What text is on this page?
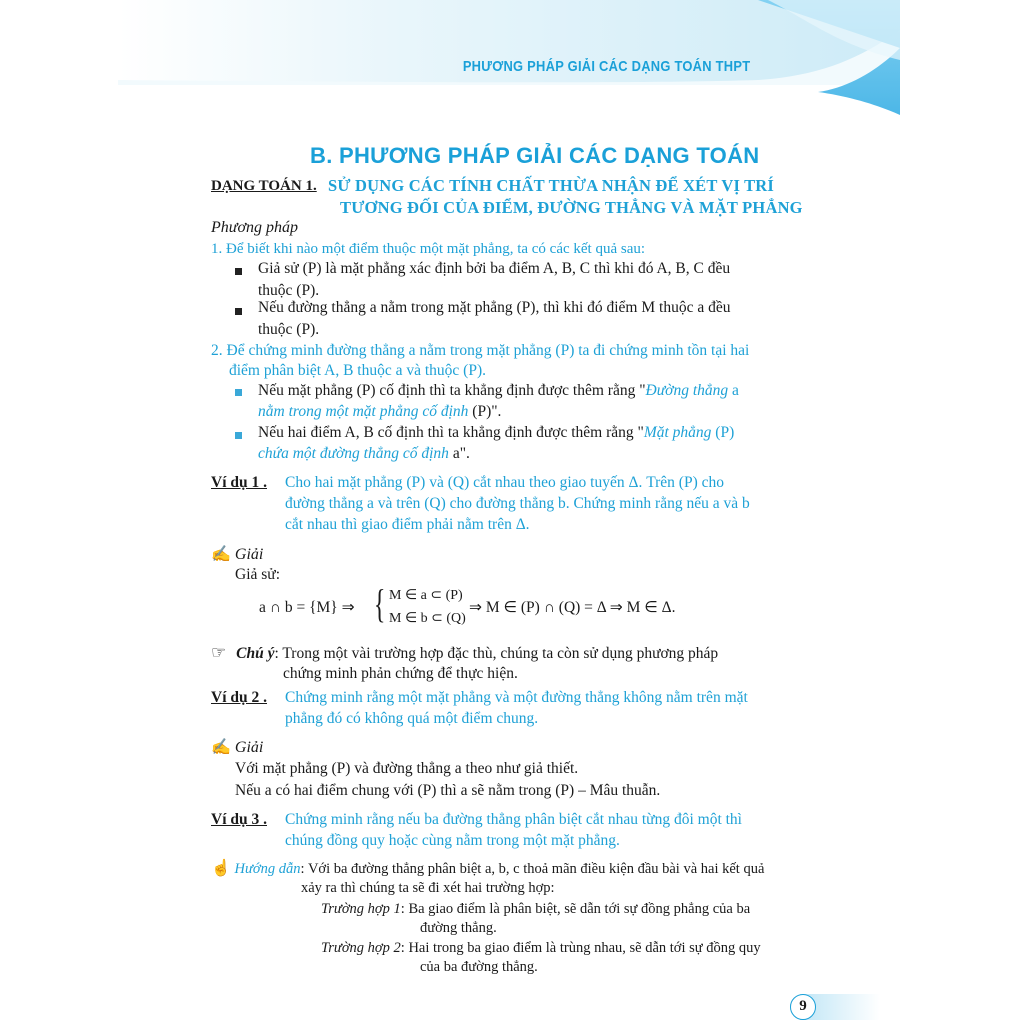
PHƯƠNG PHÁP GIẢI CÁC DẠNG TOÁN THPT
B. PHƯƠNG PHÁP GIẢI CÁC DẠNG TOÁN
DẠNG TOÁN 1. SỬ DỤNG CÁC TÍNH CHẤT THỪA NHẬN ĐỂ XÉT VỊ TRÍ
TƯƠNG ĐỐI CỦA ĐIỂM, ĐƯỜNG THẲNG VÀ MẶT PHẲNG
Phương pháp
1. Để biết khi nào một điểm thuộc một mặt phẳng, ta có các kết quả sau:
Giả sử (P) là mặt phẳng xác định bởi ba điểm A, B, C thì khi đó A, B, C đều
thuộc (P).
Nếu đường thẳng a nằm trong mặt phẳng (P), thì khi đó điểm M thuộc a đều
thuộc (P).
2. Để chứng minh đường thẳng a nằm trong mặt phẳng (P) ta đi chứng minh tồn tại hai
điểm phân biệt A, B thuộc a và thuộc (P).
Nếu mặt phẳng (P) cố định thì ta khẳng định được thêm rằng "Đường thẳng a
nằm trong một mặt phẳng cố định (P)".
Nếu hai điểm A, B cố định thì ta khẳng định được thêm rằng "Mặt phẳng (P)
chứa một đường thẳng cố định a".
Ví dụ 1 . Cho hai mặt phẳng (P) và (Q) cắt nhau theo giao tuyến Δ. Trên (P) cho
đường thẳng a và trên (Q) cho đường thẳng b. Chứng minh rằng nếu a và b
cắt nhau thì giao điểm phải nằm trên Δ.
✍ Giải
Giả sử:
a ∩ b = {M} ⇒ { M ∈ a ⊂ (P)
M ∈ b ⊂ (Q)
⇒ M ∈ (P) ∩ (Q) = Δ ⇒ M ∈ Δ.
☞ Chú ý: Trong một vài trường hợp đặc thù, chúng ta còn sử dụng phương pháp
chứng minh phản chứng để thực hiện.
Ví dụ 2 . Chứng minh rằng một mặt phẳng và một đường thẳng không nằm trên mặt
phẳng đó có không quá một điểm chung.
✍ Giải
Với mặt phẳng (P) và đường thẳng a theo như giả thiết.
Nếu a có hai điểm chung với (P) thì a sẽ nằm trong (P) – Mâu thuẫn.
Ví dụ 3 . Chứng minh rằng nếu ba đường thẳng phân biệt cắt nhau từng đôi một thì
chúng đồng quy hoặc cùng nằm trong một mặt phẳng.
☝ Hướng dẫn: Với ba đường thẳng phân biệt a, b, c thoả mãn điều kiện đầu bài và hai kết quả
xảy ra thì chúng ta sẽ đi xét hai trường hợp:
Trường hợp 1: Ba giao điểm là phân biệt, sẽ dẫn tới sự đồng phẳng của ba
đường thẳng.
Trường hợp 2: Hai trong ba giao điểm là trùng nhau, sẽ dẫn tới sự đồng quy
của ba đường thẳng.
9
